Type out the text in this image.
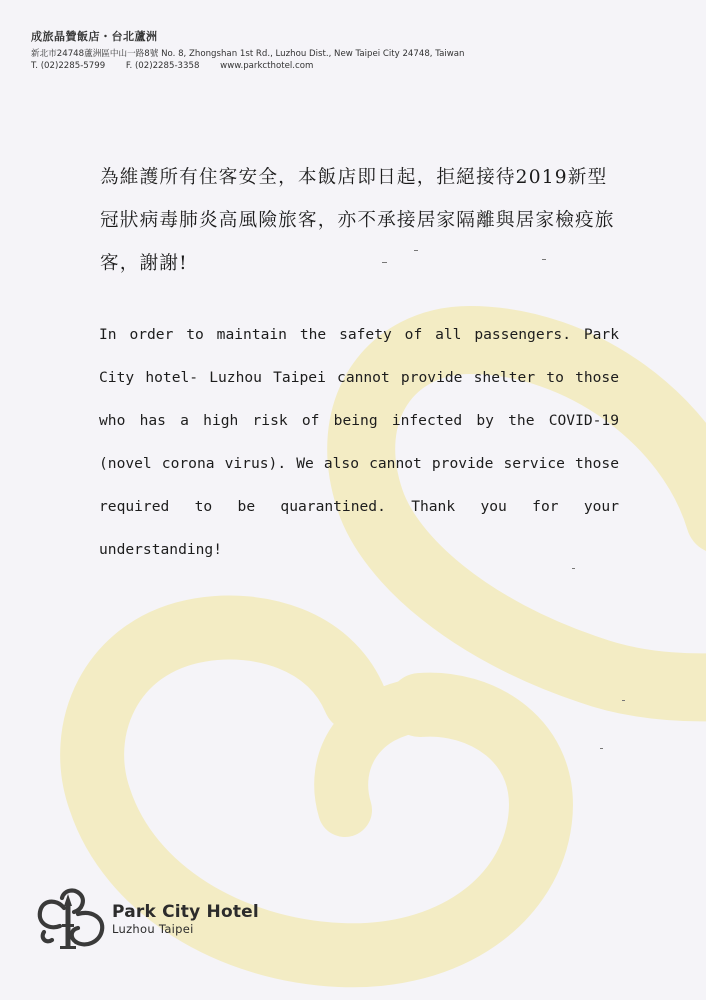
成旅晶贊飯店・台北蘆洲
新北市24748蘆洲區中山一路8號 No. 8, Zhongshan 1st Rd., Luzhou Dist., New Taipei City 24748, Taiwan
T. (02)2285-5799 F. (02)2285-3358 www.parkcthotel.com
為維護所有住客安全，本飯店即日起，拒絕接待2019新型冠狀病毒肺炎高風險旅客，亦不承接居家隔離與居家檢疫旅客，謝謝!
In order to maintain the safety of all passengers. Park City hotel- Luzhou Taipei cannot provide shelter to those who has a high risk of being infected by the COVID-19 (novel corona virus). We also cannot provide service those required to be quarantined. Thank you for your understanding!
Park City Hotel
Luzhou Taipei
